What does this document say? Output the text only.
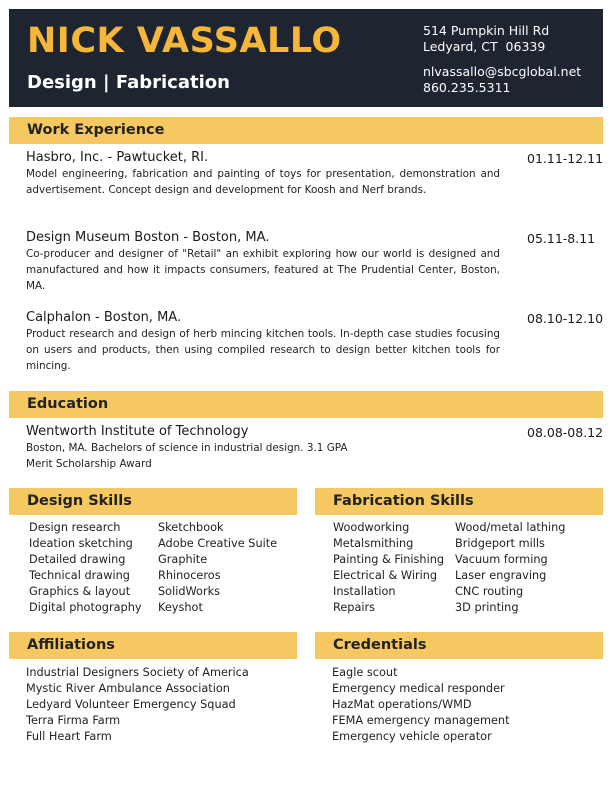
NICK VASSALLO
Design | Fabrication
514 Pumpkin Hill Rd
Ledyard, CT  06339
nlvassallo@sbcglobal.net
860.235.5311
Work Experience
Hasbro, Inc. - Pawtucket, RI.
Model engineering, fabrication and painting of toys for presentation, demonstration and advertisement. Concept design and development for Koosh and Nerf brands.
01.11-12.11
Design Museum Boston - Boston, MA.
Co-producer and designer of "Retail" an exhibit exploring how our world is designed and manufactured and how it impacts consumers, featured at The Prudential Center, Boston, MA.
05.11-8.11
Calphalon - Boston, MA.
Product research and design of herb mincing kitchen tools. In-depth case studies focusing on users and products, then using compiled research to design better kitchen tools for mincing.
08.10-12.10
Education
Wentworth Institute of Technology
Boston, MA. Bachelors of science in industrial design. 3.1 GPA
Merit Scholarship Award
08.08-08.12
Design Skills
Design research
Ideation sketching
Detailed drawing
Technical drawing
Graphics & layout
Digital photography
Sketchbook
Adobe Creative Suite
Graphite
Rhinoceros
SolidWorks
Keyshot
Fabrication Skills
Woodworking
Metalsmithing
Painting & Finishing
Electrical & Wiring
Installation
Repairs
Wood/metal lathing
Bridgeport mills
Vacuum forming
Laser engraving
CNC routing
3D printing
Affiliations
Industrial Designers Society of America
Mystic River Ambulance Association
Ledyard Volunteer Emergency Squad
Terra Firma Farm
Full Heart Farm
Credentials
Eagle scout
Emergency medical responder
HazMat operations/WMD
FEMA emergency management
Emergency vehicle operator
